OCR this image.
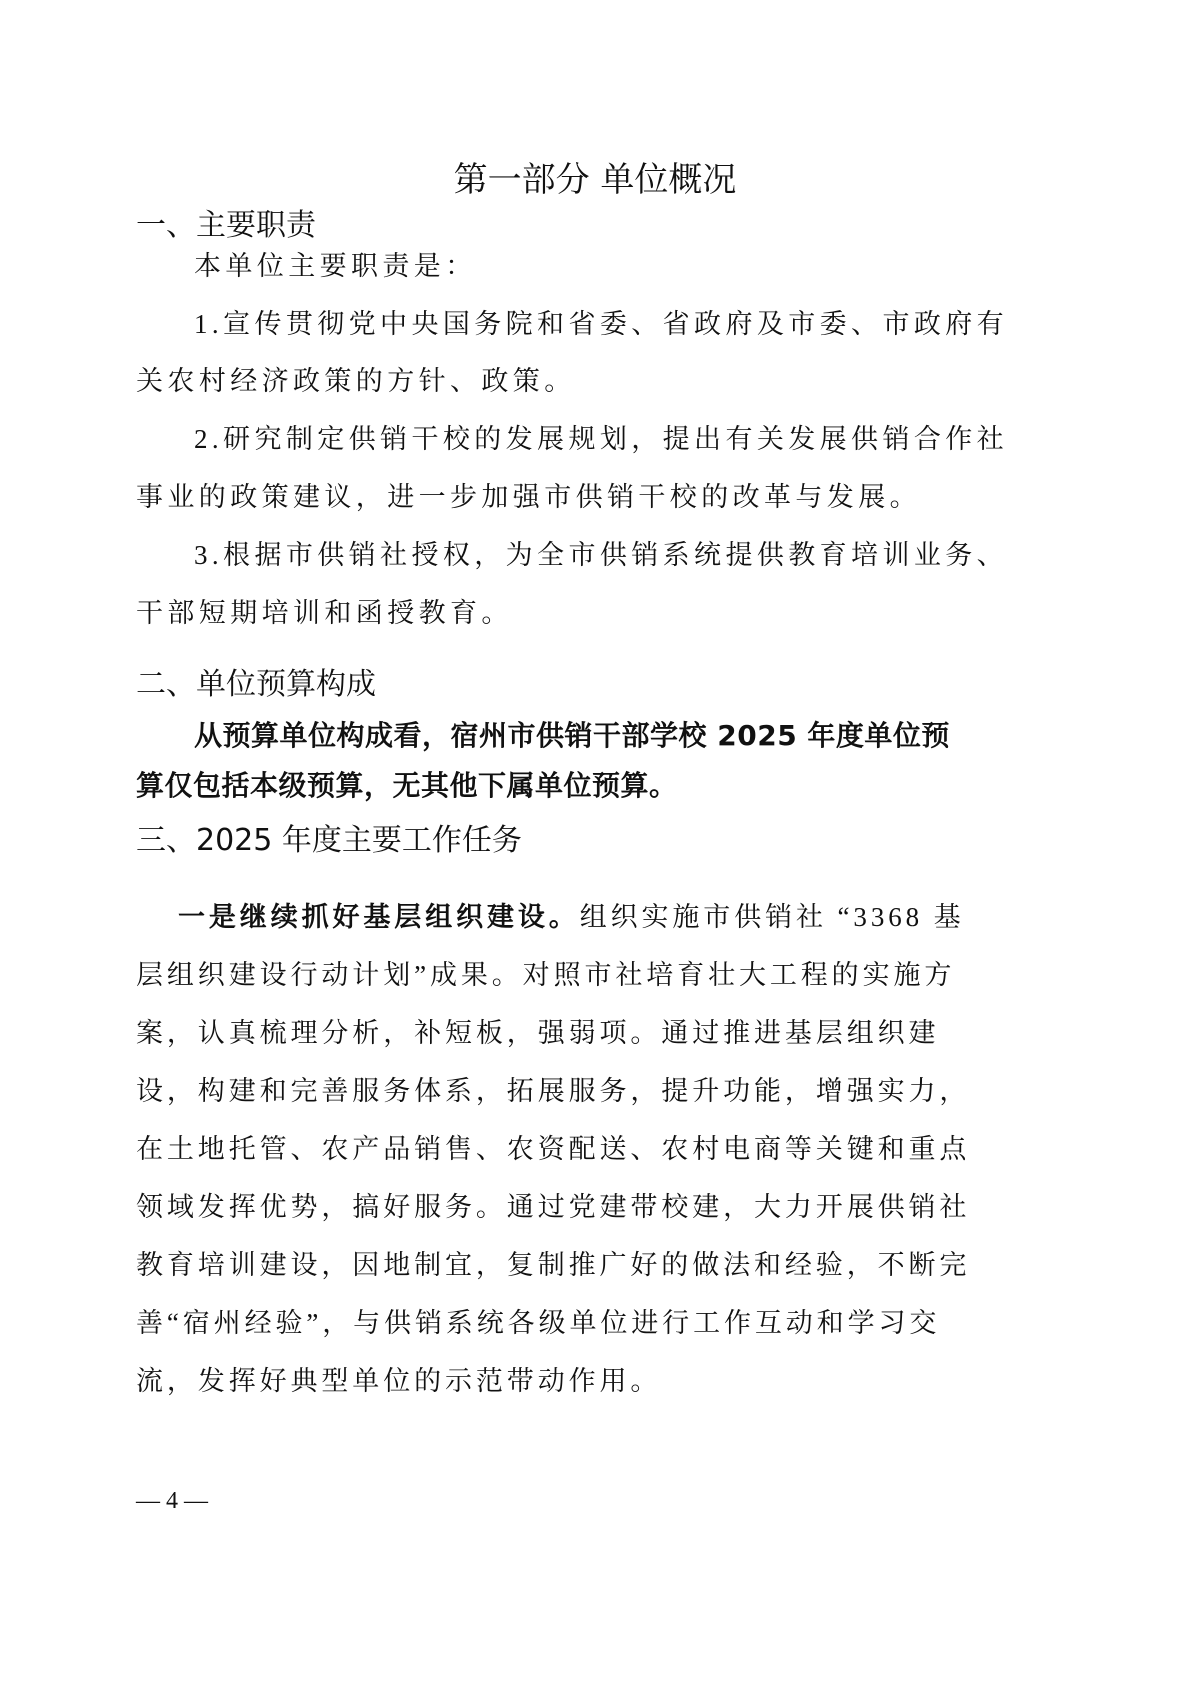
第一部分 单位概况
一、主要职责
本单位主要职责是：
1.宣传贯彻党中央国务院和省委、省政府及市委、市政府有
关农村经济政策的方针、政策。
2.研究制定供销干校的发展规划，提出有关发展供销合作社
事业的政策建议，进一步加强市供销干校的改革与发展。
3.根据市供销社授权，为全市供销系统提供教育培训业务、
干部短期培训和函授教育。
二、单位预算构成
从预算单位构成看，宿州市供销干部学校 2025 年度单位预
算仅包括本级预算，无其他下属单位预算。
三、2025 年度主要工作任务
一是继续抓好基层组织建设。组织实施市供销社 “3368 基
层组织建设行动计划”成果。对照市社培育壮大工程的实施方
案，认真梳理分析，补短板，强弱项。通过推进基层组织建
设，构建和完善服务体系，拓展服务，提升功能，增强实力，
在土地托管、农产品销售、农资配送、农村电商等关键和重点
领域发挥优势，搞好服务。通过党建带校建，大力开展供销社
教育培训建设，因地制宜，复制推广好的做法和经验，不断完
善“宿州经验”，与供销系统各级单位进行工作互动和学习交
流，发挥好典型单位的示范带动作用。
— 4 —
